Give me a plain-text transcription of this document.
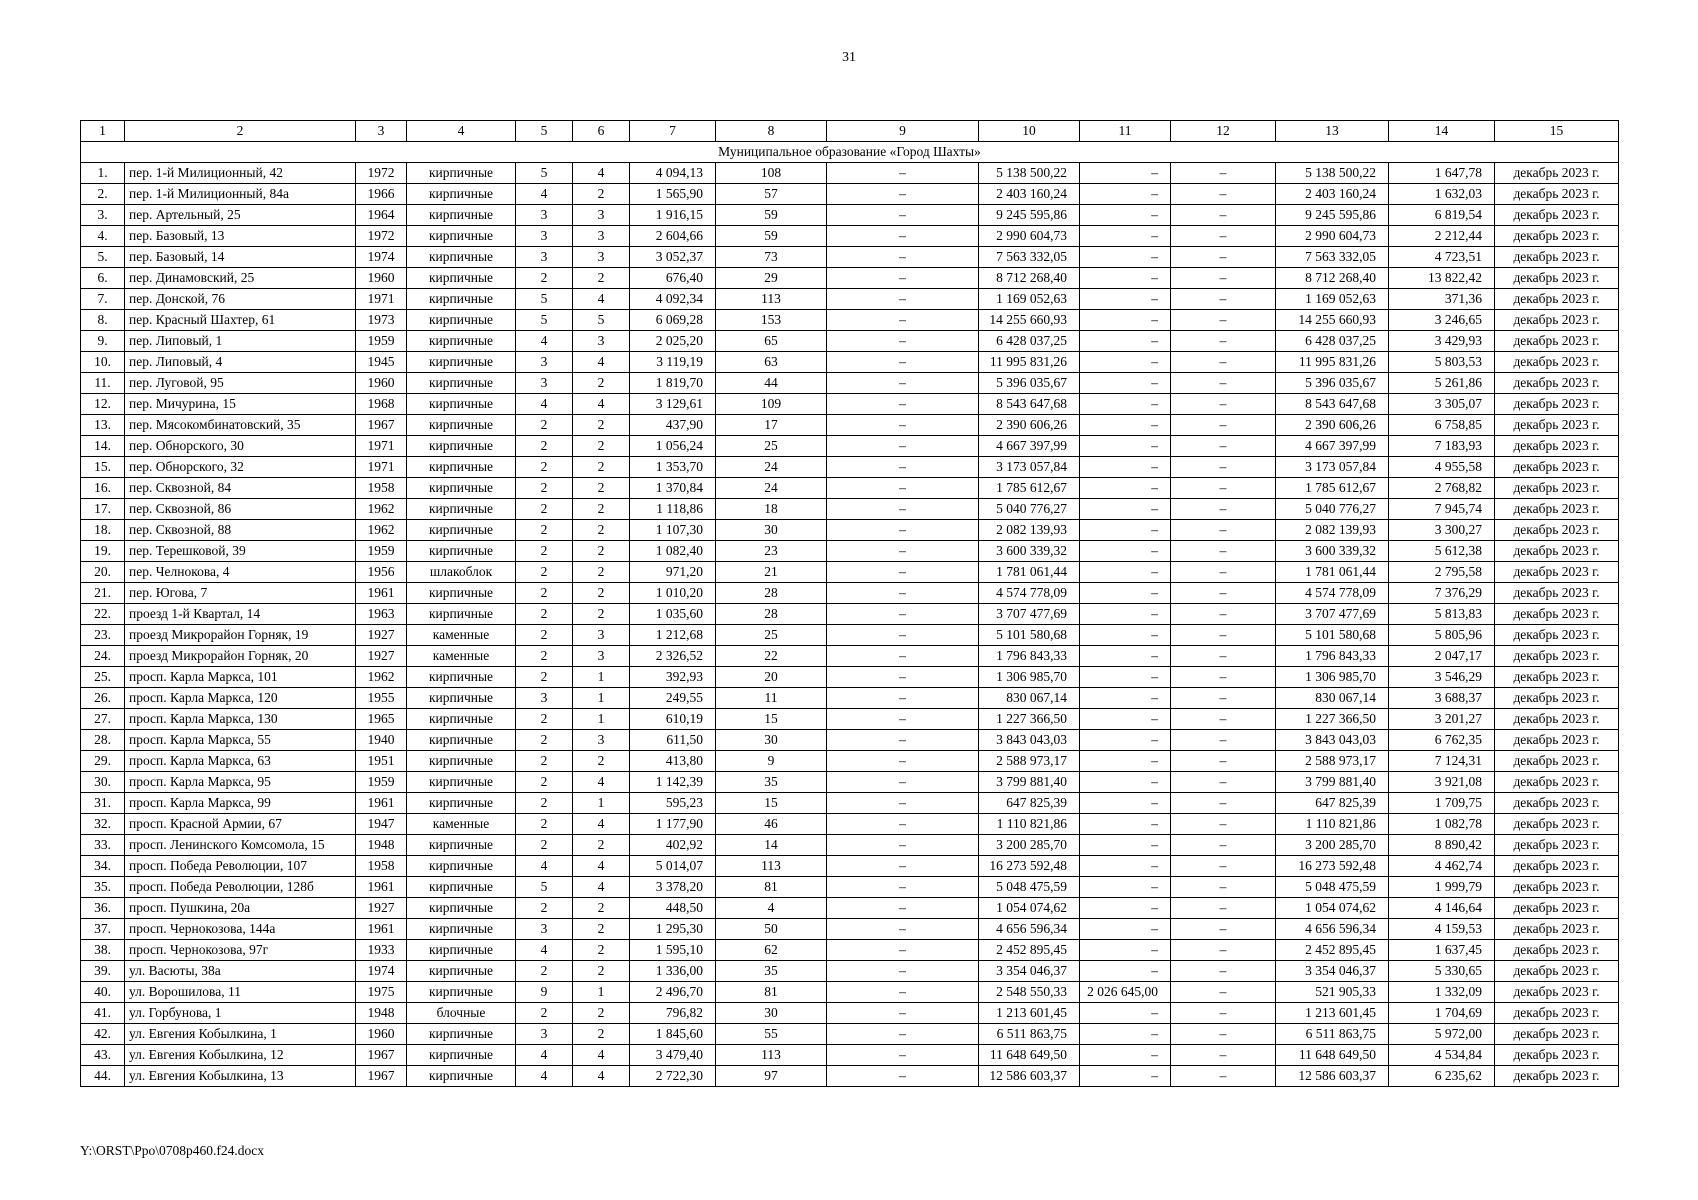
31
1	2	3	4	5	6	7	8	9	10	11	12	13	14	15
Муниципальное образование «Город Шахты»														
1.	пер. 1-й Милиционный, 42	1972	кирпичные	5	4	4 094,13	108	–	5 138 500,22	–	–	5 138 500,22	1 647,78	декабрь 2023 г.
2.	пер. 1-й Милиционный, 84а	1966	кирпичные	4	2	1 565,90	57	–	2 403 160,24	–	–	2 403 160,24	1 632,03	декабрь 2023 г.
3.	пер. Артельный, 25	1964	кирпичные	3	3	1 916,15	59	–	9 245 595,86	–	–	9 245 595,86	6 819,54	декабрь 2023 г.
4.	пер. Базовый, 13	1972	кирпичные	3	3	2 604,66	59	–	2 990 604,73	–	–	2 990 604,73	2 212,44	декабрь 2023 г.
5.	пер. Базовый, 14	1974	кирпичные	3	3	3 052,37	73	–	7 563 332,05	–	–	7 563 332,05	4 723,51	декабрь 2023 г.
6.	пер. Динамовский, 25	1960	кирпичные	2	2	676,40	29	–	8 712 268,40	–	–	8 712 268,40	13 822,42	декабрь 2023 г.
7.	пер. Донской, 76	1971	кирпичные	5	4	4 092,34	113	–	1 169 052,63	–	–	1 169 052,63	371,36	декабрь 2023 г.
8.	пер. Красный Шахтер, 61	1973	кирпичные	5	5	6 069,28	153	–	14 255 660,93	–	–	14 255 660,93	3 246,65	декабрь 2023 г.
9.	пер. Липовый, 1	1959	кирпичные	4	3	2 025,20	65	–	6 428 037,25	–	–	6 428 037,25	3 429,93	декабрь 2023 г.
10.	пер. Липовый, 4	1945	кирпичные	3	4	3 119,19	63	–	11 995 831,26	–	–	11 995 831,26	5 803,53	декабрь 2023 г.
11.	пер. Луговой, 95	1960	кирпичные	3	2	1 819,70	44	–	5 396 035,67	–	–	5 396 035,67	5 261,86	декабрь 2023 г.
12.	пер. Мичурина, 15	1968	кирпичные	4	4	3 129,61	109	–	8 543 647,68	–	–	8 543 647,68	3 305,07	декабрь 2023 г.
13.	пер. Мясокомбинатовский, 35	1967	кирпичные	2	2	437,90	17	–	2 390 606,26	–	–	2 390 606,26	6 758,85	декабрь 2023 г.
14.	пер. Обнорского, 30	1971	кирпичные	2	2	1 056,24	25	–	4 667 397,99	–	–	4 667 397,99	7 183,93	декабрь 2023 г.
15.	пер. Обнорского, 32	1971	кирпичные	2	2	1 353,70	24	–	3 173 057,84	–	–	3 173 057,84	4 955,58	декабрь 2023 г.
16.	пер. Сквозной, 84	1958	кирпичные	2	2	1 370,84	24	–	1 785 612,67	–	–	1 785 612,67	2 768,82	декабрь 2023 г.
17.	пер. Сквозной, 86	1962	кирпичные	2	2	1 118,86	18	–	5 040 776,27	–	–	5 040 776,27	7 945,74	декабрь 2023 г.
18.	пер. Сквозной, 88	1962	кирпичные	2	2	1 107,30	30	–	2 082 139,93	–	–	2 082 139,93	3 300,27	декабрь 2023 г.
19.	пер. Терешковой, 39	1959	кирпичные	2	2	1 082,40	23	–	3 600 339,32	–	–	3 600 339,32	5 612,38	декабрь 2023 г.
20.	пер. Челнокова, 4	1956	шлакоблок	2	2	971,20	21	–	1 781 061,44	–	–	1 781 061,44	2 795,58	декабрь 2023 г.
21.	пер. Югова, 7	1961	кирпичные	2	2	1 010,20	28	–	4 574 778,09	–	–	4 574 778,09	7 376,29	декабрь 2023 г.
22.	проезд 1-й Квартал, 14	1963	кирпичные	2	2	1 035,60	28	–	3 707 477,69	–	–	3 707 477,69	5 813,83	декабрь 2023 г.
23.	проезд Микрорайон Горняк, 19	1927	каменные	2	3	1 212,68	25	–	5 101 580,68	–	–	5 101 580,68	5 805,96	декабрь 2023 г.
24.	проезд Микрорайон Горняк, 20	1927	каменные	2	3	2 326,52	22	–	1 796 843,33	–	–	1 796 843,33	2 047,17	декабрь 2023 г.
25.	просп. Карла Маркса, 101	1962	кирпичные	2	1	392,93	20	–	1 306 985,70	–	–	1 306 985,70	3 546,29	декабрь 2023 г.
26.	просп. Карла Маркса, 120	1955	кирпичные	3	1	249,55	11	–	830 067,14	–	–	830 067,14	3 688,37	декабрь 2023 г.
27.	просп. Карла Маркса, 130	1965	кирпичные	2	1	610,19	15	–	1 227 366,50	–	–	1 227 366,50	3 201,27	декабрь 2023 г.
28.	просп. Карла Маркса, 55	1940	кирпичные	2	3	611,50	30	–	3 843 043,03	–	–	3 843 043,03	6 762,35	декабрь 2023 г.
29.	просп. Карла Маркса, 63	1951	кирпичные	2	2	413,80	9	–	2 588 973,17	–	–	2 588 973,17	7 124,31	декабрь 2023 г.
30.	просп. Карла Маркса, 95	1959	кирпичные	2	4	1 142,39	35	–	3 799 881,40	–	–	3 799 881,40	3 921,08	декабрь 2023 г.
31.	просп. Карла Маркса, 99	1961	кирпичные	2	1	595,23	15	–	647 825,39	–	–	647 825,39	1 709,75	декабрь 2023 г.
32.	просп. Красной Армии, 67	1947	каменные	2	4	1 177,90	46	–	1 110 821,86	–	–	1 110 821,86	1 082,78	декабрь 2023 г.
33.	просп. Ленинского Комсомола, 15	1948	кирпичные	2	2	402,92	14	–	3 200 285,70	–	–	3 200 285,70	8 890,42	декабрь 2023 г.
34.	просп. Победа Революции, 107	1958	кирпичные	4	4	5 014,07	113	–	16 273 592,48	–	–	16 273 592,48	4 462,74	декабрь 2023 г.
35.	просп. Победа Революции, 128б	1961	кирпичные	5	4	3 378,20	81	–	5 048 475,59	–	–	5 048 475,59	1 999,79	декабрь 2023 г.
36.	просп. Пушкина, 20а	1927	кирпичные	2	2	448,50	4	–	1 054 074,62	–	–	1 054 074,62	4 146,64	декабрь 2023 г.
37.	просп. Чернокозова, 144а	1961	кирпичные	3	2	1 295,30	50	–	4 656 596,34	–	–	4 656 596,34	4 159,53	декабрь 2023 г.
38.	просп. Чернокозова, 97г	1933	кирпичные	4	2	1 595,10	62	–	2 452 895,45	–	–	2 452 895,45	1 637,45	декабрь 2023 г.
39.	ул. Васюты, 38а	1974	кирпичные	2	2	1 336,00	35	–	3 354 046,37	–	–	3 354 046,37	5 330,65	декабрь 2023 г.
40.	ул. Ворошилова, 11	1975	кирпичные	9	1	2 496,70	81	–	2 548 550,33	2 026 645,00	–	521 905,33	1 332,09	декабрь 2023 г.
41.	ул. Горбунова, 1	1948	блочные	2	2	796,82	30	–	1 213 601,45	–	–	1 213 601,45	1 704,69	декабрь 2023 г.
42.	ул. Евгения Кобылкина, 1	1960	кирпичные	3	2	1 845,60	55	–	6 511 863,75	–	–	6 511 863,75	5 972,00	декабрь 2023 г.
43.	ул. Евгения Кобылкина, 12	1967	кирпичные	4	4	3 479,40	113	–	11 648 649,50	–	–	11 648 649,50	4 534,84	декабрь 2023 г.
44.	ул. Евгения Кобылкина, 13	1967	кирпичные	4	4	2 722,30	97	–	12 586 603,37	–	–	12 586 603,37	6 235,62	декабрь 2023 г.
Y:\ORST\Ppo\0708p460.f24.docx
